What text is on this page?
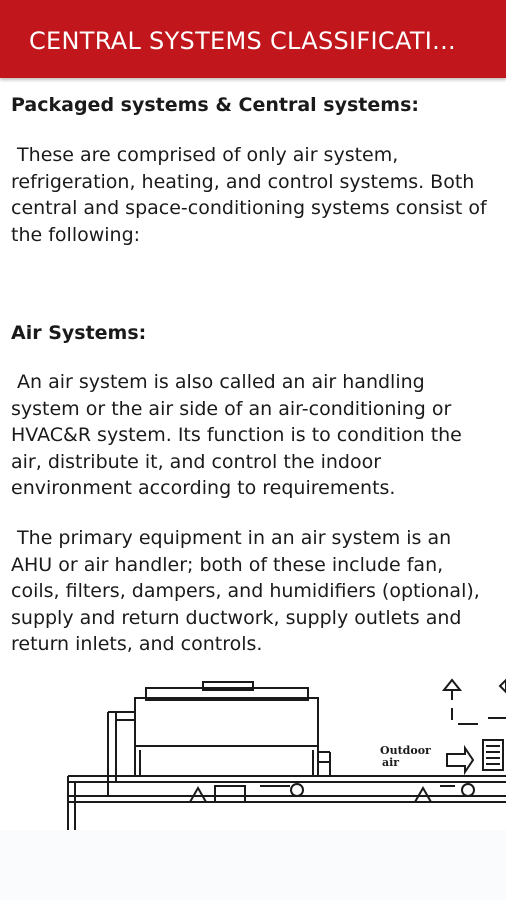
CENTRAL SYSTEMS CLASSIFICATI...
Packaged systems & Central systems:

These are comprised of only air system, refrigeration, heating, and control systems. Both central and space-conditioning systems consist of the following:

Air Systems:

An air system is also called an air handling system or the air side of an air-conditioning or HVAC&R system. Its function is to condition the air, distribute it, and control the indoor environment according to requirements.

The primary equipment in an air system is an AHU or air handler; both of these include fan, coils, filters, dampers, and humidifiers (optional), supply and return ductwork, supply outlets and return inlets, and controls.

Outdoor
air
